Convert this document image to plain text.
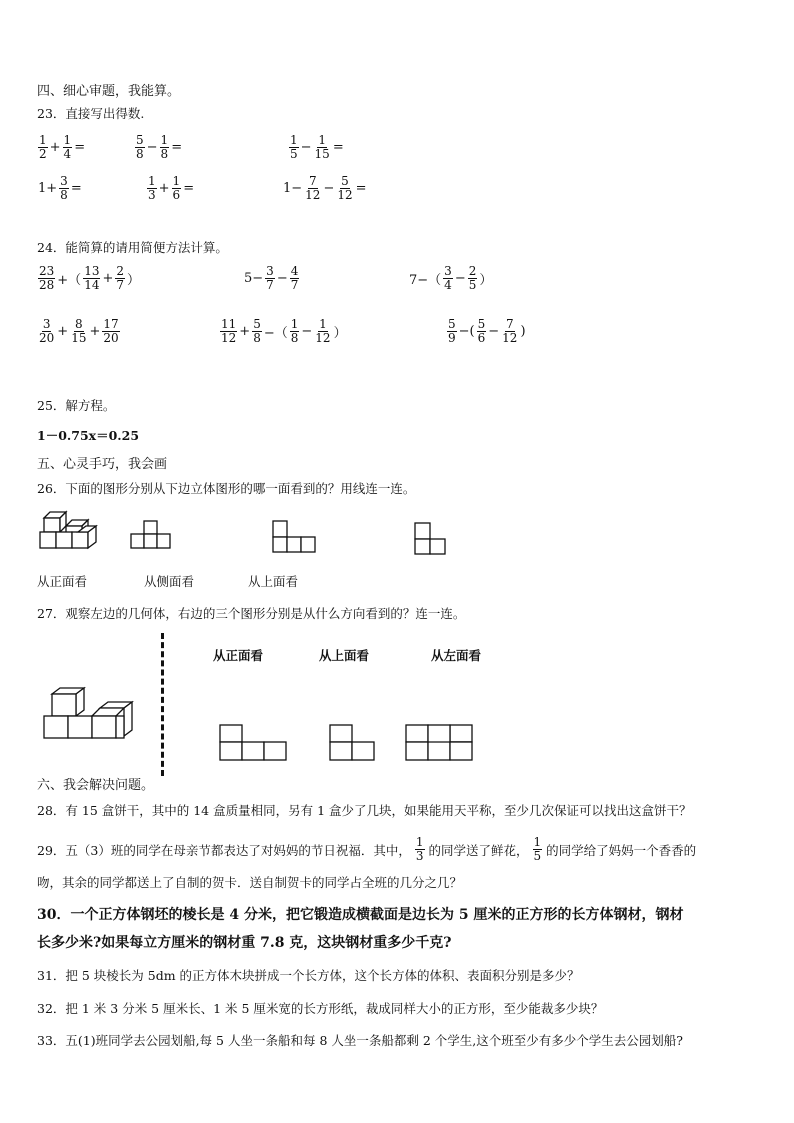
四、细心审题，我能算。
23．直接写出得数.
$\frac{1}{2} + \frac{1}{4}$ =	$\frac{5}{8} - \frac{1}{8}$ =	$\frac{1}{5} - \frac{1}{15}$ =
$1+ \frac{3}{8}$ =	$\frac{1}{3} + \frac{1}{6}$ =	$1- \frac{7}{12} - \frac{5}{12}$ =
24．能简算的请用简便方法计算。
$\frac{23}{28}$ +（ $\frac{13}{14} + \frac{2}{7}$ ）	$5- \frac{3}{7} - \frac{4}{7}$	$7-( \frac{3}{4} - \frac{2}{5}$ ）
$\frac{3}{20} + \frac{8}{15} + \frac{17}{20}$	$\frac{11}{12} + \frac{5}{8}$ −（ $\frac{1}{8} - \frac{1}{12}$ ）	$\frac{5}{9}$ −( $\frac{5}{6} - \frac{7}{12}$ )
25．解方程。
1－0.75x＝0.25
五、心灵手巧，我会画
26．下面的图形分别从下边立体图形的哪一面看到的？用线连一连。
从正面看	从侧面看	从上面看
27．观察左边的几何体，右边的三个图形分别是从什么方向看到的？连一连。
从正面看	从上面看	从左面看
六、我会解决问题。
28．有 15 盒饼干，其中的 14 盒质量相同，另有 1 盒少了几块，如果能用天平称，至少几次保证可以找出这盒饼干？
29．五（3）班的同学在母亲节都表达了对妈妈的节日祝福．其中， $\frac{1}{3}$ 的同学送了鲜花， $\frac{1}{5}$ 的同学给了妈妈一个香香的
吻，其余的同学都送上了自制的贺卡．送自制贺卡的同学占全班的几分之几？
30．一个正方体钢坯的棱长是 4 分米，把它锻造成横截面是边长为 5 厘米的正方形的长方体钢材，钢材
长多少米?如果每立方厘米的钢材重 7.8 克，这块钢材重多少千克?
31．把 5 块棱长为 5dm 的正方体木块拼成一个长方体，这个长方体的体积、表面积分别是多少？
32．把 1 米 3 分米 5 厘米长、1 米 5 厘米宽的长方形纸，裁成同样大小的正方形，至少能裁多少块？
33．五(1)班同学去公园划船,每 5 人坐一条船和每 8 人坐一条船都剩 2 个学生,这个班至少有多少个学生去公园划船?
